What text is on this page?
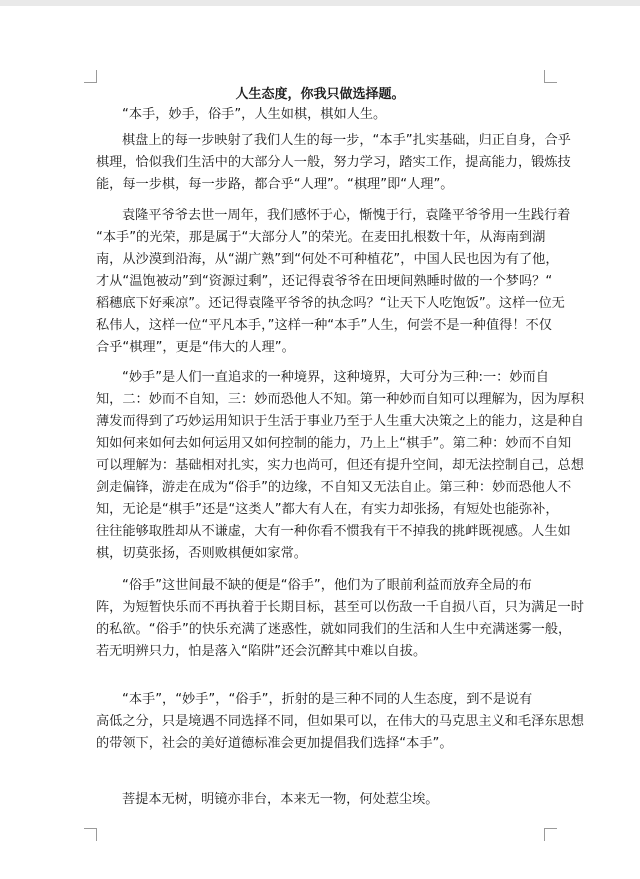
人生态度，你我只做选择题。
“本手，妙手，俗手”，人生如棋，棋如人生。
棋盘上的每一步映射了我们人生的每一步，“本手”扎实基础，归正自身，合乎
棋理，恰似我们生活中的大部分人一般，努力学习，踏实工作，提高能力，锻炼技
能，每一步棋，每一步路，都合乎“人理”。“棋理”即“人理”。
袁隆平爷爷去世一周年，我们感怀于心，惭愧于行，袁隆平爷爷用一生践行着
“本手”的光荣，那是属于“大部分人”的荣光。在麦田扎根数十年，从海南到湖
南，从沙漠到沿海，从“湖广熟”到“何处不可种植花”，中国人民也因为有了他，
才从“温饱被动”到“资源过剩”，还记得袁爷爷在田埂间熟睡时做的一个梦吗？“
稻穗底下好乘凉”。还记得袁隆平爷爷的执念吗？“让天下人吃饱饭”。这样一位无
私伟人，这样一位“平凡本手，”这样一种“本手”人生，何尝不是一种值得！不仅
合乎“棋理”，更是“伟大的人理”。
“妙手”是人们一直追求的一种境界，这种境界，大可分为三种:一：妙而自
知，二：妙而不自知，三：妙而恐他人不知。第一种妙而自知可以理解为，因为厚积
薄发而得到了巧妙运用知识于生活于事业乃至于人生重大决策之上的能力，这是种自
知如何来如何去如何运用又如何控制的能力，乃上上“棋手”。第二种：妙而不自知
可以理解为：基础相对扎实，实力也尚可，但还有提升空间，却无法控制自己，总想
剑走偏锋，游走在成为“俗手”的边缘，不自知又无法自止。第三种：妙而恐他人不
知，无论是“棋手”还是“这类人”都大有人在，有实力却张扬，有短处也能弥补，
往往能够取胜却从不谦虚，大有一种你看不惯我有干不掉我的挑衅既视感。人生如
棋，切莫张扬，否则败棋便如家常。
“俗手”这世间最不缺的便是“俗手”，他们为了眼前利益而放弃全局的布
阵，为短暂快乐而不再执着于长期目标，甚至可以伤敌一千自损八百，只为满足一时
的私欲。“俗手”的快乐充满了迷惑性，就如同我们的生活和人生中充满迷雾一般，
若无明辨只力，怕是落入“陷阱”还会沉醉其中难以自拔。
“本手”，“妙手”，“俗手”，折射的是三种不同的人生态度，到不是说有
高低之分，只是境遇不同选择不同，但如果可以，在伟大的马克思主义和毛泽东思想
的带领下，社会的美好道德标准会更加提倡我们选择“本手”。
菩提本无树，明镜亦非台，本来无一物，何处惹尘埃。
